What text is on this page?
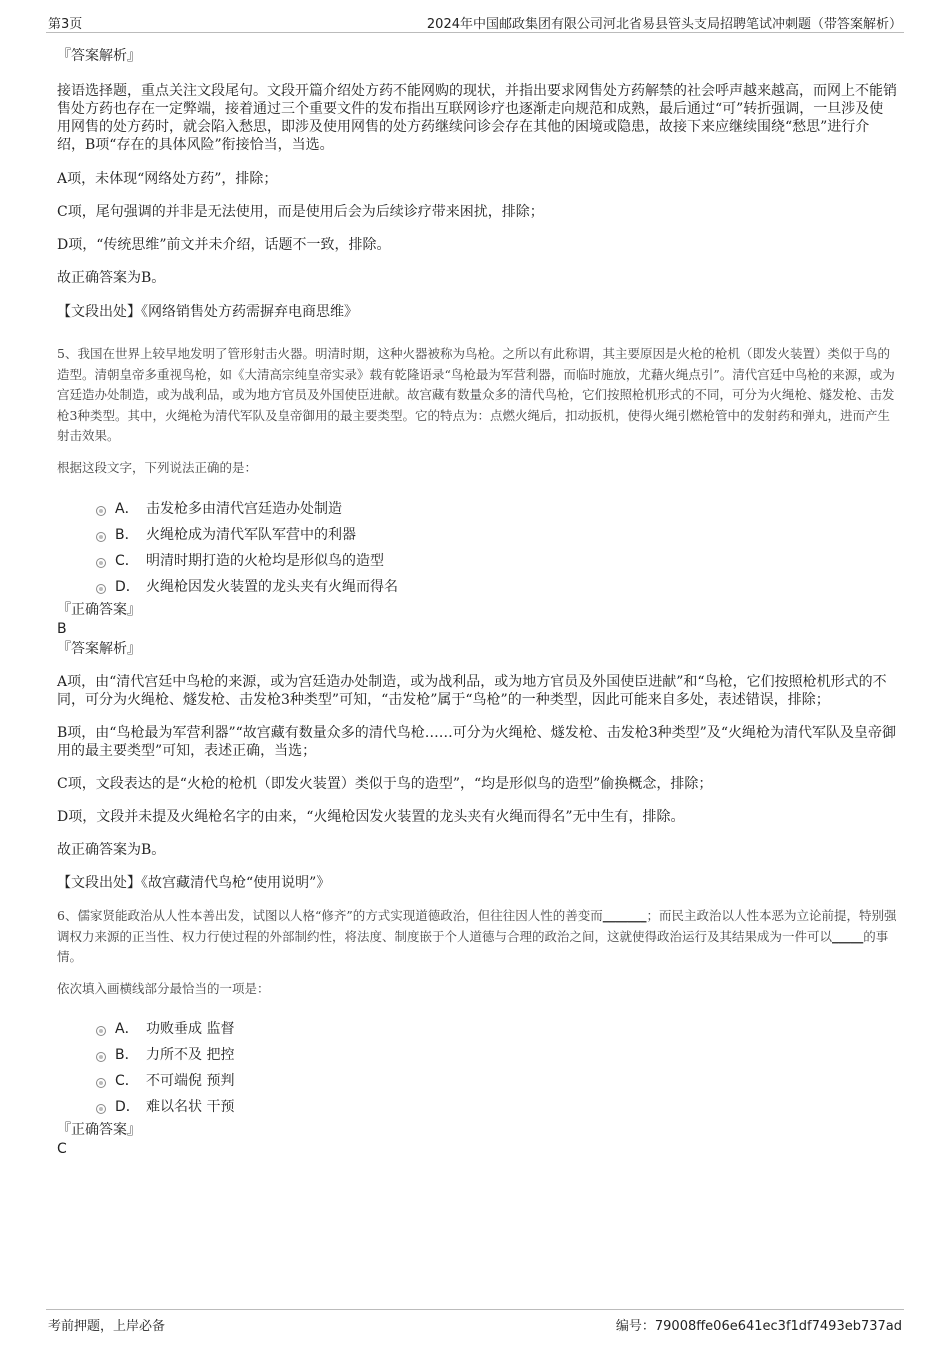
第3页	2024年中国邮政集团有限公司河北省易县管头支局招聘笔试冲刺题（带答案解析）
『答案解析』

接语选择题，重点关注文段尾句。文段开篇介绍处方药不能网购的现状，并指出要求网售处方药解禁的社会呼声越来越高，而网上不能销售处方药也存在一定弊端，接着通过三个重要文件的发布指出互联网诊疗也逐渐走向规范和成熟，最后通过“可”转折强调，一旦涉及使用网售的处方药时，就会陷入愁思，即涉及使用网售的处方药继续问诊会存在其他的困境或隐患，故接下来应继续围绕“愁思”进行介绍，B项“存在的具体风险”衔接恰当，当选。

A项，未体现“网络处方药”，排除；

C项，尾句强调的并非是无法使用，而是使用后会为后续诊疗带来困扰，排除；

D项，“传统思维”前文并未介绍，话题不一致，排除。

故正确答案为B。

【文段出处】《网络销售处方药需摒弃电商思维》

5、我国在世界上较早地发明了管形射击火器。明清时期，这种火器被称为鸟枪。之所以有此称谓，其主要原因是火枪的枪机（即发火装置）类似于鸟的造型。清朝皇帝多重视鸟枪，如《大清高宗纯皇帝实录》载有乾隆语录“鸟枪最为军营利器，而临时施放，尤藉火绳点引”。清代宫廷中鸟枪的来源，或为宫廷造办处制造，或为战利品，或为地方官员及外国使臣进献。故宫藏有数量众多的清代鸟枪，它们按照枪机形式的不同，可分为火绳枪、燧发枪、击发枪3种类型。其中，火绳枪为清代军队及皇帝御用的最主要类型。它的特点为：点燃火绳后，扣动扳机，使得火绳引燃枪管中的发射药和弹丸，进而产生射击效果。

根据这段文字，下列说法正确的是：

A． 击发枪多由清代宫廷造办处制造
B． 火绳枪成为清代军队军营中的利器
C． 明清时期打造的火枪均是形似鸟的造型
D． 火绳枪因发火装置的龙头夹有火绳而得名
『正确答案』
B
『答案解析』

A项，由“清代宫廷中鸟枪的来源，或为宫廷造办处制造，或为战利品，或为地方官员及外国使臣进献”和“鸟枪，它们按照枪机形式的不同，可分为火绳枪、燧发枪、击发枪3种类型”可知，“击发枪”属于“鸟枪”的一种类型，因此可能来自多处，表述错误，排除；

B项，由“鸟枪最为军营利器”“故宫藏有数量众多的清代鸟枪……可分为火绳枪、燧发枪、击发枪3种类型”及“火绳枪为清代军队及皇帝御用的最主要类型”可知，表述正确，当选；

C项，文段表达的是“火枪的枪机（即发火装置）类似于鸟的造型”，“均是形似鸟的造型”偷换概念，排除；

D项，文段并未提及火绳枪名字的由来，“火绳枪因发火装置的龙头夹有火绳而得名”无中生有，排除。

故正确答案为B。

【文段出处】《故宫藏清代鸟枪“使用说明”》

6、儒家贤能政治从人性本善出发，试图以人格“修齐”的方式实现道德政治，但往往因人性的善变而_______；而民主政治以人性本恶为立论前提，特别强调权力来源的正当性、权力行使过程的外部制约性，将法度、制度嵌于个人道德与合理的政治之间，这就使得政治运行及其结果成为一件可以_____的事情。

依次填入画横线部分最恰当的一项是：

A． 功败垂成 监督
B． 力所不及 把控
C． 不可端倪 预判
D． 难以名状 干预
『正确答案』
C
考前押题，上岸必备	编号：79008ffe06e641ec3f1df7493eb737ad
